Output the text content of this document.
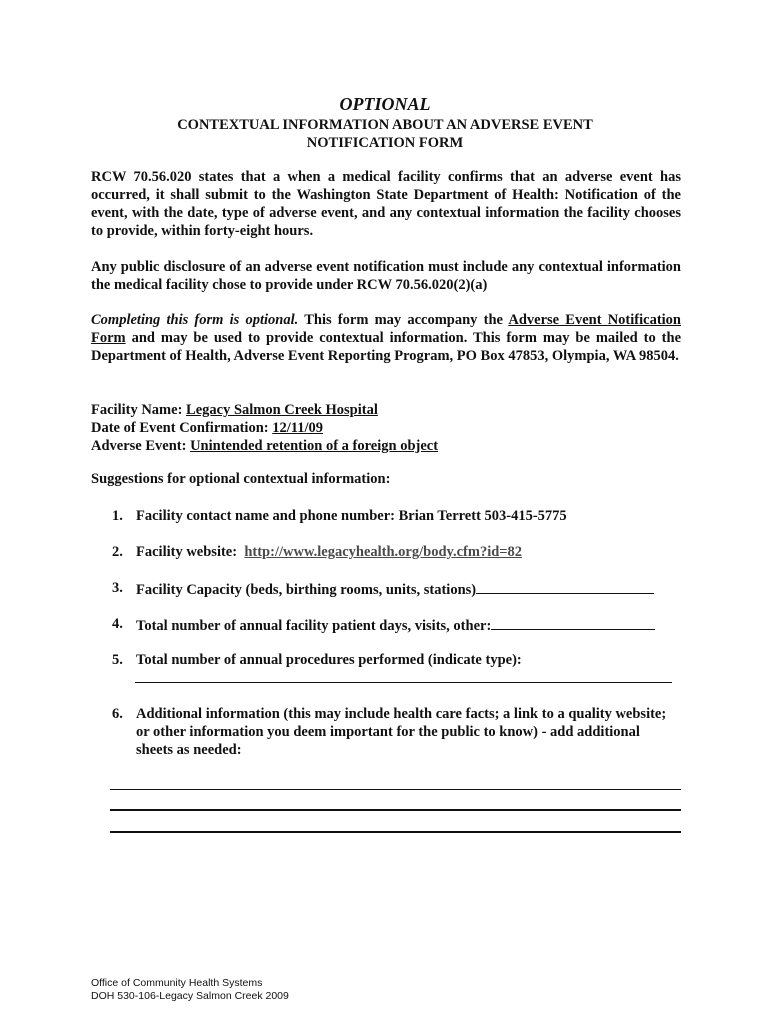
OPTIONAL
CONTEXTUAL INFORMATION ABOUT AN ADVERSE EVENT
NOTIFICATION FORM
RCW 70.56.020 states that a when a medical facility confirms that an adverse event has occurred, it shall submit to the Washington State Department of Health: Notification of the event, with the date, type of adverse event, and any contextual information the facility chooses to provide, within forty-eight hours.
Any public disclosure of an adverse event notification must include any contextual information the medical facility chose to provide under RCW 70.56.020(2)(a)
Completing this form is optional. This form may accompany the Adverse Event Notification Form and may be used to provide contextual information. This form may be mailed to the Department of Health, Adverse Event Reporting Program, PO Box 47853, Olympia, WA 98504.
Facility Name: Legacy Salmon Creek Hospital
Date of Event Confirmation: 12/11/09
Adverse Event: Unintended retention of a foreign object
Suggestions for optional contextual information:
1. Facility contact name and phone number: Brian Terrett 503-415-5775
2. Facility website: http://www.legacyhealth.org/body.cfm?id=82
3. Facility Capacity (beds, birthing rooms, units, stations)
4. Total number of annual facility patient days, visits, other:
5. Total number of annual procedures performed (indicate type):
6. Additional information (this may include health care facts; a link to a quality website; or other information you deem important for the public to know) - add additional sheets as needed:
Office of Community Health Systems
DOH 530-106-Legacy Salmon Creek 2009
